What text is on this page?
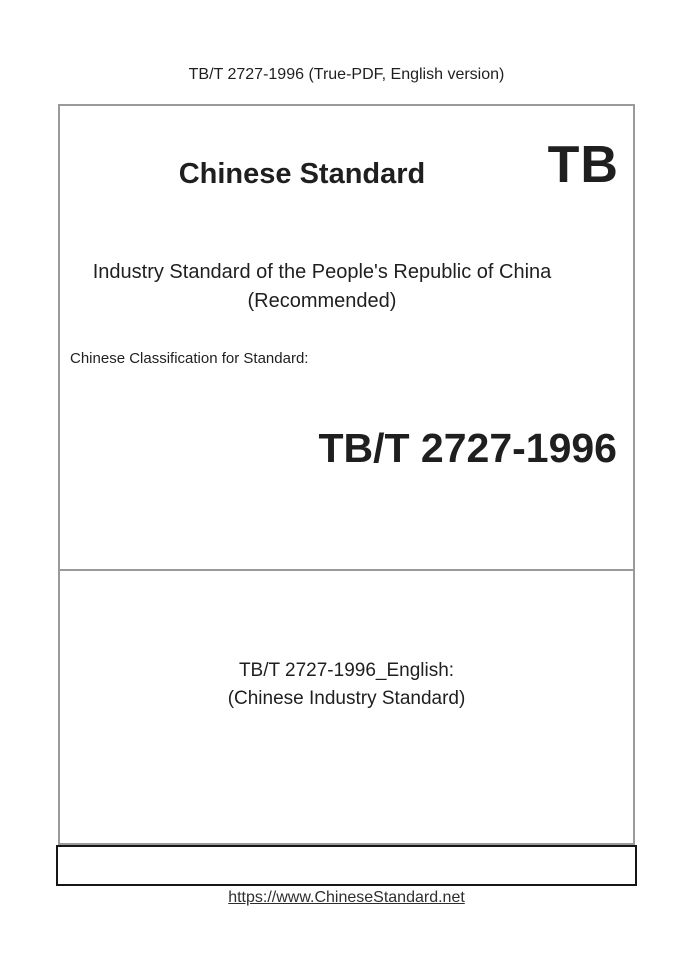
TB/T 2727-1996 (True-PDF, English version)
Chinese Standard	TB
Industry Standard of the People's Republic of China
(Recommended)
Chinese Classification for Standard:
TB/T 2727-1996
TB/T 2727-1996_English:
(Chinese Industry Standard)
https://www.ChineseStandard.net
